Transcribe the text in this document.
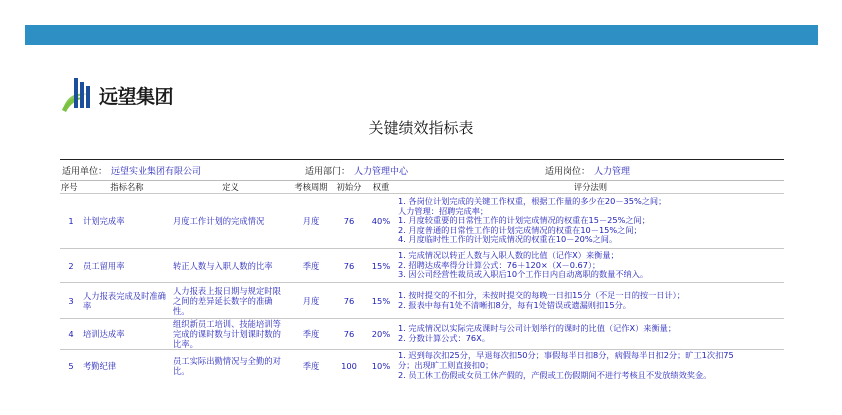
远望集团
关键绩效指标表
适用单位： 远望实业集团有限公司	适用部门： 人力管理中心	适用岗位： 人力管理
序号	指标名称	定义	考核周期	初始分	权重	评分法则
1	计划完成率	月度工作计划的完成情况	月度	76	40%	1. 各岗位计划完成的关键工作权重，根据工作量的多少在20－35%之间；
人力管理：招聘完成率；
1. 月度较重要的日常性工作的计划完成情况的权重在15－25%之间；
2. 月度普通的日常性工作的计划完成情况的权重在10－15%之间；
4. 月度临时性工作的计划完成情况的权重在10－20%之间。

2	员工留用率	转正人数与入职人数的比率	季度	76	15%	1. 完成情况以转正人数与入职人数的比值（记作X）来衡量；
2. 招聘达成率得分计算公式：76＋120×（X－0.67）；
3. 因公司经营性裁员或入职后10个工作日内自动离职的数量不纳入。

3	人力报表完成及时准确率	人力报表上报日期与规定时限之间的差异延长数字的准确性。	月度	76	15%	1. 按时提交的不扣分，未按时提交的每晚一日扣15分（不足一日的按一日计）；
2. 报表中每有1处不清晰扣8分，每有1处错误或遗漏则扣15分。

4	培训达成率	组织新员工培训、技能培训等完成的课时数与计划课时数的比率。	季度	76	20%	1. 完成情况以实际完成课时与公司计划举行的课时的比值（记作X）来衡量；
2. 分数计算公式：76X。

5	考勤纪律	员工实际出勤情况与全勤的对比。	季度	100	10%	1. 迟到每次扣25分，早退每次扣50分；事假每半日扣8分，病假每半日扣2分；旷工1次扣75
分；出现旷工则直接扣0；
2. 员工休工伤假或女员工休产假的，产假或工伤假期间不进行考核且不发放绩效奖金。
